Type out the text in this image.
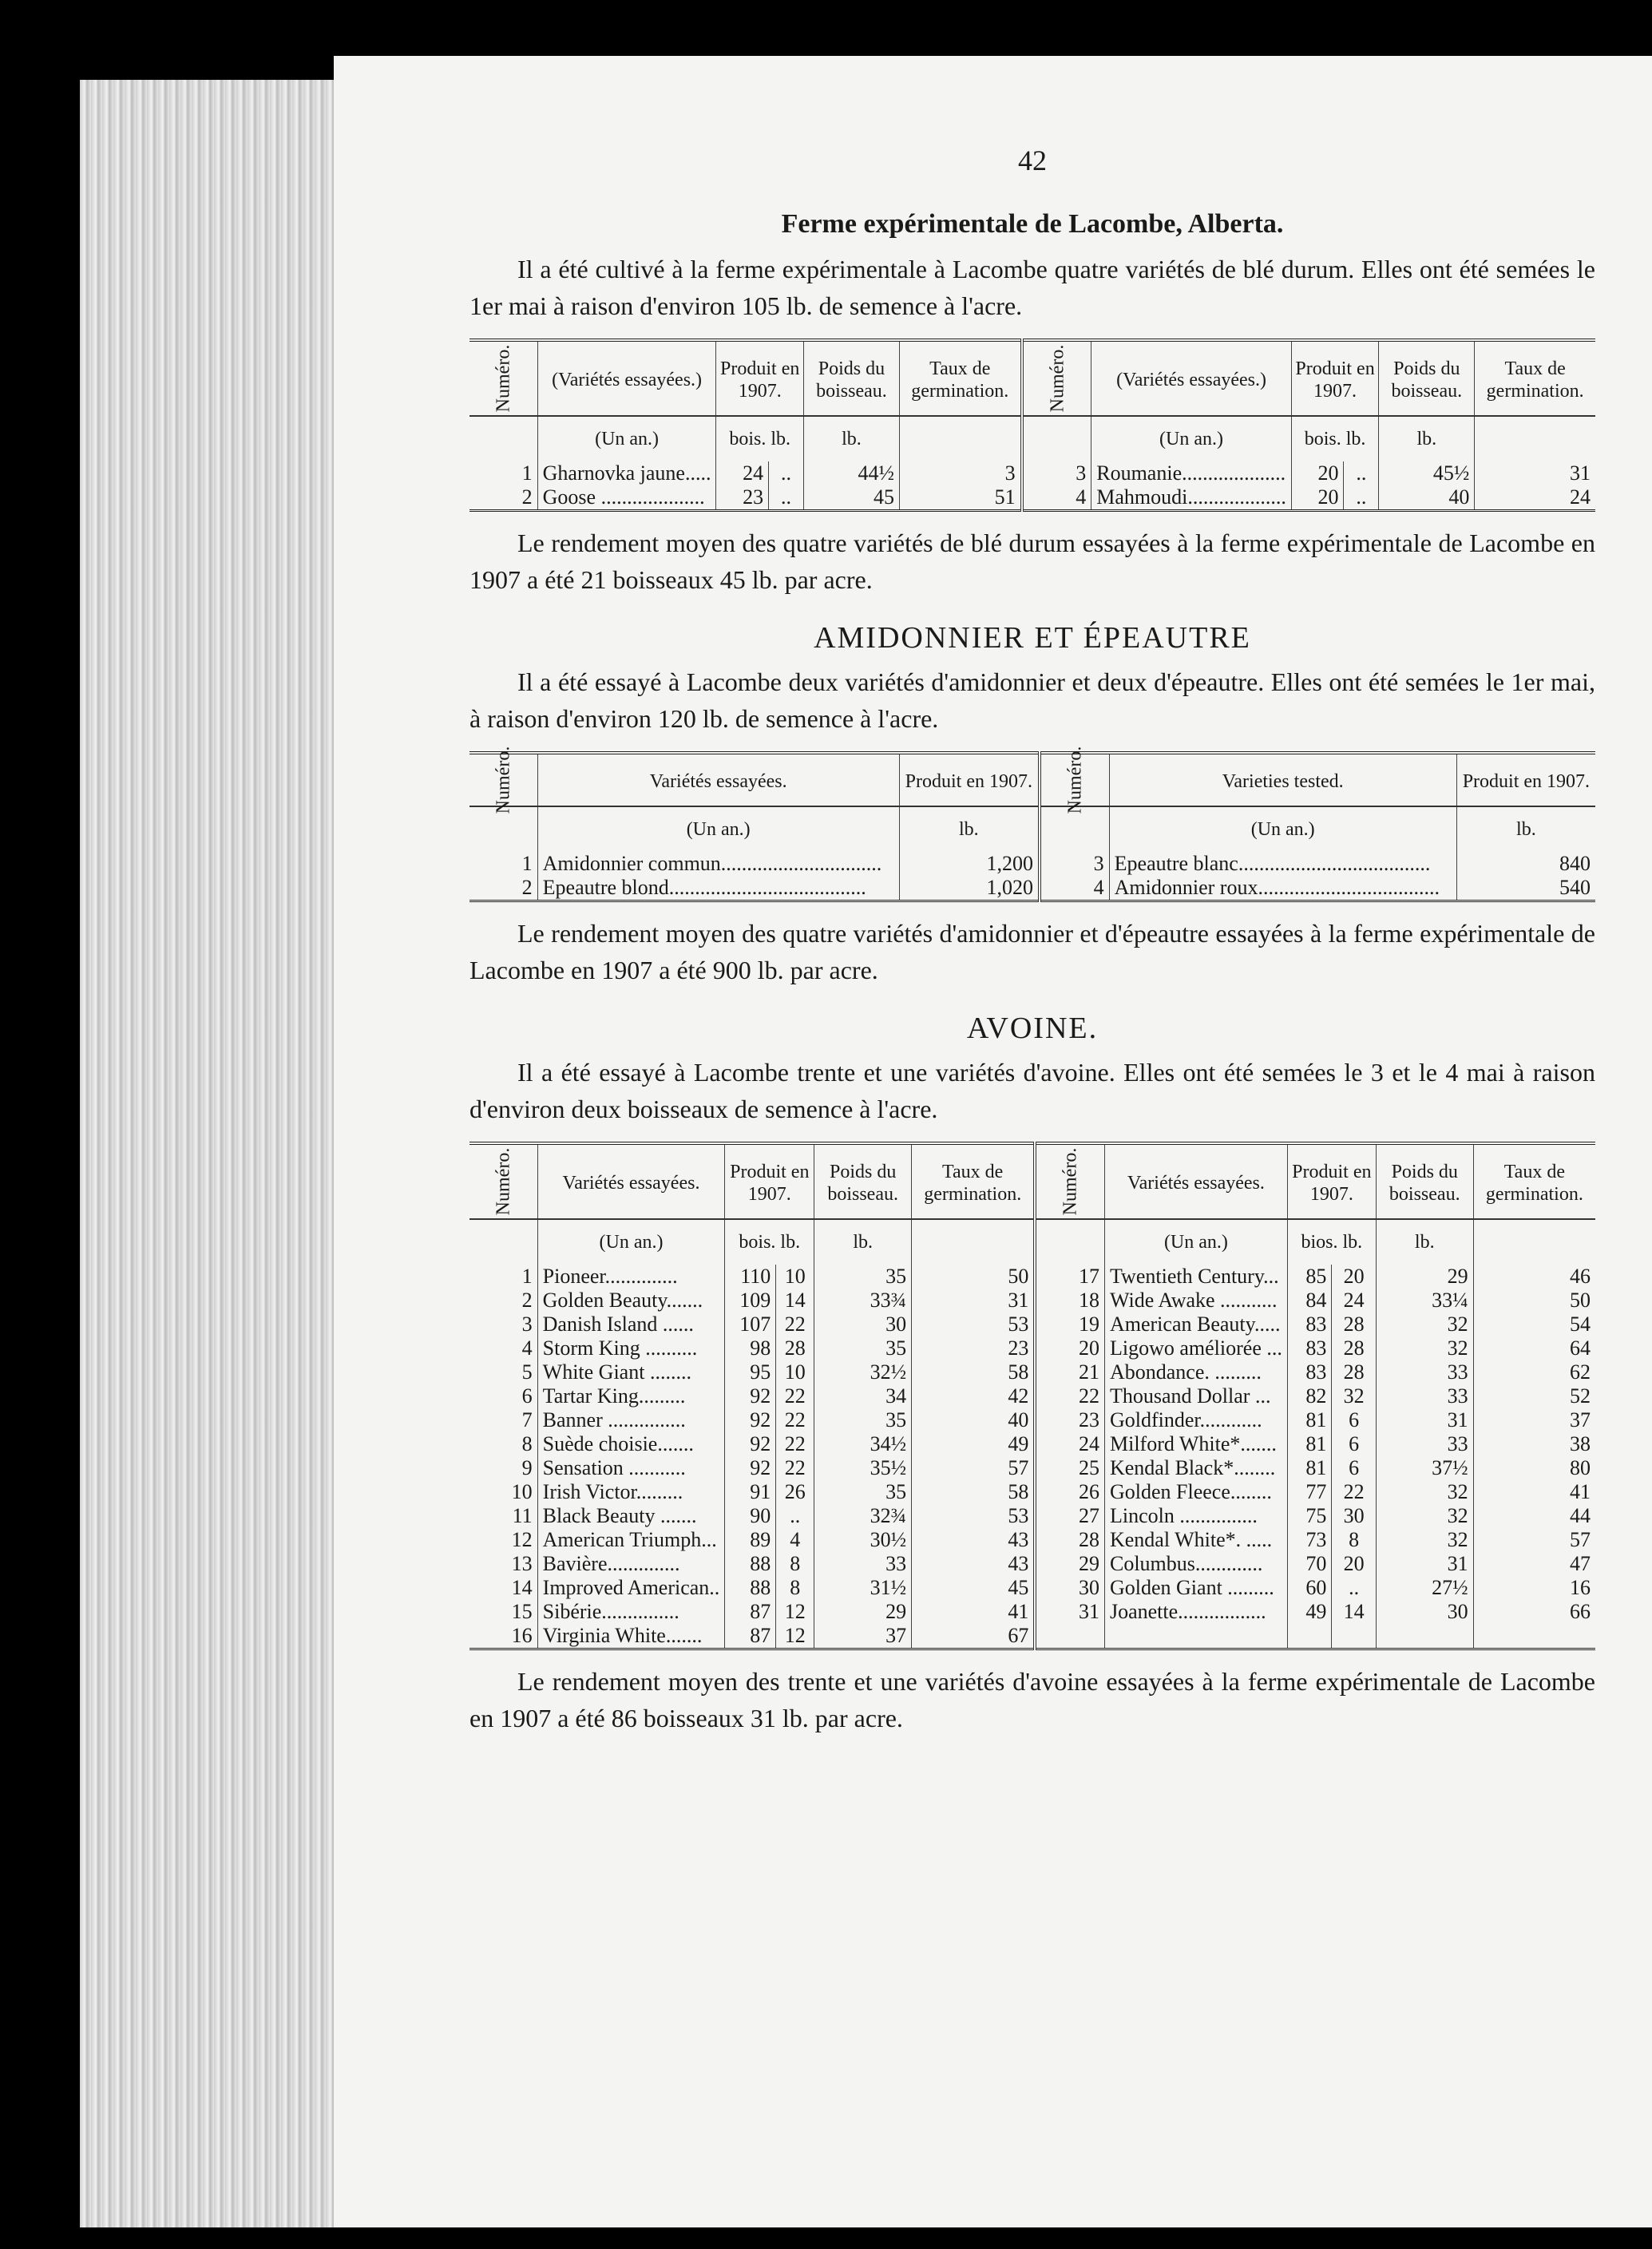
42
Ferme expérimentale de Lacombe, Alberta.

Il a été cultivé à la ferme expérimentale à Lacombe quatre variétés de blé durum. Elles ont été semées le 1er mai à raison d'environ 105 lb. de semence à l'acre.

Numéro.	(Variétés essayées.)	Produit en 1907.		Poids du boisseau.	Taux de germination.	Numéro.	(Variétés essayées.)	Produit en 1907.		Poids du boisseau.	Taux de germination.
	(Un an.)	bois. lb.		lb.			(Un an.)	bois. lb.		lb.	
1	Gharnovka jaune.....	24	..	44½	3	3	Roumanie....................	20	..	45½	31
2	Goose ....................	23	..	45	51	4	Mahmoudi...................	20	..	40	24

Le rendement moyen des quatre variétés de blé durum essayées à la ferme expérimentale de Lacombe en 1907 a été 21 boisseaux 45 lb. par acre.

AMIDONNIER ET ÉPEAUTRE

Il a été essayé à Lacombe deux variétés d'amidonnier et deux d'épeautre. Elles ont été semées le 1er mai, à raison d'environ 120 lb. de semence à l'acre.

Numéro.	Variétés essayées.	Produit en 1907.	Numéro.	Varieties tested.	Produit en 1907.
	(Un an.)	lb.		(Un an.)	lb.
1	Amidonnier commun...............................	1,200	3	Epeautre blanc.....................................	840
2	Epeautre blond......................................	1,020	4	Amidonnier roux...................................	540

Le rendement moyen des quatre variétés d'amidonnier et d'épeautre essayées à la ferme expérimentale de Lacombe en 1907 a été 900 lb. par acre.

AVOINE.

Il a été essayé à Lacombe trente et une variétés d'avoine. Elles ont été semées le 3 et le 4 mai à raison d'environ deux boisseaux de semence à l'acre.

Numéro.	Variétés essayées.	Produit en 1907.		Poids du boisseau.	Taux de germination.	Numéro.	Variétés essayées.	Produit en 1907.		Poids du boisseau.	Taux de germination.
	(Un an.)	bois. lb.		lb.			(Un an.)	bios. lb.		lb.	
1	Pioneer..............	110	10	35	50	17	Twentieth Century...	85	20	29	46
2	Golden Beauty.......	109	14	33¾	31	18	Wide Awake ...........	84	24	33¼	50
3	Danish Island ......	107	22	30	53	19	American Beauty.....	83	28	32	54
4	Storm King ..........	98	28	35	23	20	Ligowo améliorée ...	83	28	32	64
5	White Giant ........	95	10	32½	58	21	Abondance. .........	83	28	33	62
6	Tartar King.........	92	22	34	42	22	Thousand Dollar ...	82	32	33	52
7	Banner ...............	92	22	35	40	23	Goldfinder............	81	6	31	37
8	Suède choisie.......	92	22	34½	49	24	Milford White*.......	81	6	33	38
9	Sensation ...........	92	22	35½	57	25	Kendal Black*........	81	6	37½	80
10	Irish Victor.........	91	26	35	58	26	Golden Fleece........	77	22	32	41
11	Black Beauty .......	90	..	32¾	53	27	Lincoln ...............	75	30	32	44
12	American Triumph...	89	4	30½	43	28	Kendal White*. .....	73	8	32	57
13	Bavière..............	88	8	33	43	29	Columbus.............	70	20	31	47
14	Improved American..	88	8	31½	45	30	Golden Giant .........	60	..	27½	16
15	Sibérie...............	87	12	29	41	31	Joanette.................	49	14	30	66
16	Virginia White.......	87	12	37	67						

Le rendement moyen des trente et une variétés d'avoine essayées à la ferme expérimentale de Lacombe en 1907 a été 86 boisseaux 31 lb. par acre.
